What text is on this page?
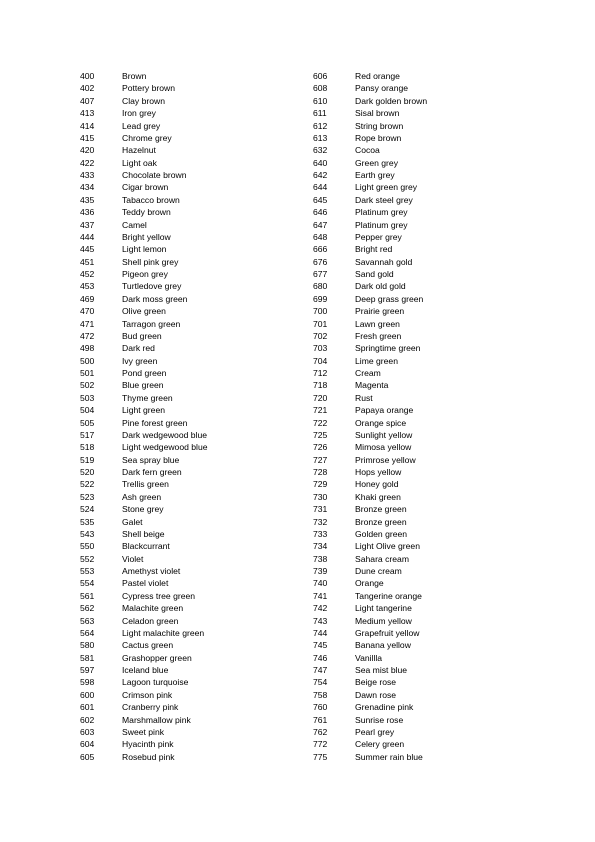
400	Brown
402	Pottery brown
407	Clay brown
413	Iron grey
414	Lead grey
415	Chrome grey
420	Hazelnut
422	Light oak
433	Chocolate brown
434	Cigar brown
435	Tabacco brown
436	Teddy brown
437	Camel
444	Bright yellow
445	Light lemon
451	Shell pink grey
452	Pigeon grey
453	Turtledove grey
469	Dark moss green
470	Olive green
471	Tarragon green
472	Bud green
498	Dark red
500	Ivy green
501	Pond green
502	Blue green
503	Thyme green
504	Light green
505	Pine forest green
517	Dark wedgewood blue
518	Light wedgewood blue
519	Sea spray blue
520	Dark fern green
522	Trellis green
523	Ash green
524	Stone grey
535	Galet
543	Shell beige
550	Blackcurrant
552	Violet
553	Amethyst violet
554	Pastel violet
561	Cypress tree green
562	Malachite green
563	Celadon green
564	Light malachite green
580	Cactus green
581	Grashopper green
597	Iceland blue
598	Lagoon turquoise
600	Crimson pink
601	Cranberry pink
602	Marshmallow pink
603	Sweet pink
604	Hyacinth pink
605	Rosebud pink
606	Red orange
608	Pansy orange
610	Dark golden brown
611	Sisal brown
612	String brown
613	Rope brown
632	Cocoa
640	Green grey
642	Earth grey
644	Light green grey
645	Dark steel grey
646	Platinum grey
647	Platinum grey
648	Pepper grey
666	Bright red
676	Savannah gold
677	Sand gold
680	Dark old gold
699	Deep grass green
700	Prairie green
701	Lawn green
702	Fresh green
703	Springtime green
704	Lime green
712	Cream
718	Magenta
720	Rust
721	Papaya orange
722	Orange spice
725	Sunlight yellow
726	Mimosa yellow
727	Primrose yellow
728	Hops yellow
729	Honey gold
730	Khaki green
731	Bronze green
732	Bronze green
733	Golden green
734	Light Olive green
738	Sahara cream
739	Dune cream
740	Orange
741	Tangerine orange
742	Light tangerine
743	Medium yellow
744	Grapefruit yellow
745	Banana yellow
746	Vanillla
747	Sea mist blue
754	Beige rose
758	Dawn rose
760	Grenadine pink
761	Sunrise rose
762	Pearl grey
772	Celery green
775	Summer rain blue
